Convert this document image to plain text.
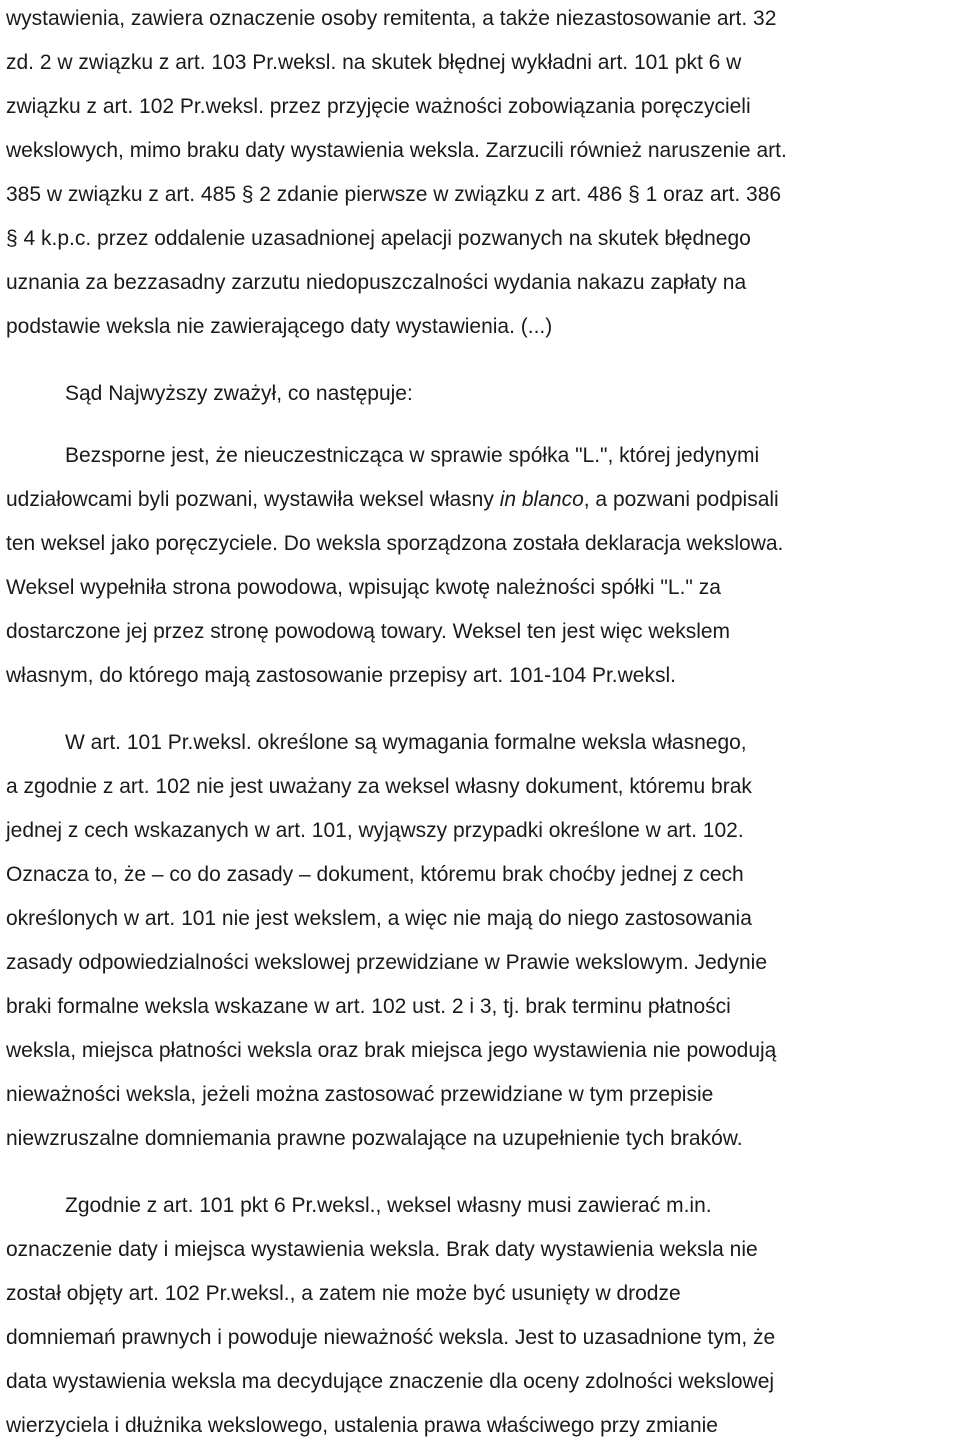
wystawienia, zawiera oznaczenie osoby remitenta, a także niezastosowanie art. 32
zd. 2 w związku z art. 103 Pr.weksl. na skutek błędnej wykładni art. 101 pkt 6 w
związku z art. 102 Pr.weksl. przez przyjęcie ważności zobowiązania poręczycieli
wekslowych, mimo braku daty wystawienia weksla. Zarzucili również naruszenie art.
385 w związku z art. 485 § 2 zdanie pierwsze w związku z art. 486 § 1 oraz art. 386
§ 4 k.p.c. przez oddalenie uzasadnionej apelacji pozwanych na skutek błędnego
uznania za bezzasadny zarzutu niedopuszczalności wydania nakazu zapłaty na
podstawie weksla nie zawierającego daty wystawienia. (...)
Sąd Najwyższy zważył, co następuje:
Bezsporne jest, że nieuczestnicząca w sprawie spółka "L.", której jedynymi
udziałowcami byli pozwani, wystawiła weksel własny in blanco, a pozwani podpisali
ten weksel jako poręczyciele. Do weksla sporządzona została deklaracja wekslowa.
Weksel wypełniła strona powodowa, wpisując kwotę należności spółki "L." za
dostarczone jej przez stronę powodową towary. Weksel ten jest więc wekslem
własnym, do którego mają zastosowanie przepisy art. 101-104 Pr.weksl.
W art. 101 Pr.weksl. określone są wymagania formalne weksla własnego,
a zgodnie z art. 102 nie jest uważany za weksel własny dokument, któremu brak
jednej z cech wskazanych w art. 101, wyjąwszy przypadki określone w art. 102.
Oznacza to, że – co do zasady – dokument, któremu brak choćby jednej z cech
określonych w art. 101 nie jest wekslem, a więc nie mają do niego zastosowania
zasady odpowiedzialności wekslowej przewidziane w Prawie wekslowym. Jedynie
braki formalne weksla wskazane w art. 102 ust. 2 i 3, tj. brak terminu płatności
weksla, miejsca płatności weksla oraz brak miejsca jego wystawienia nie powodują
nieważności weksla, jeżeli można zastosować przewidziane w tym przepisie
niewzruszalne domniemania prawne pozwalające na uzupełnienie tych braków.
Zgodnie z art. 101 pkt 6 Pr.weksl., weksel własny musi zawierać m.in.
oznaczenie daty i miejsca wystawienia weksla. Brak daty wystawienia weksla nie
został objęty art. 102 Pr.weksl., a zatem nie może być usunięty w drodze
domniemań prawnych i powoduje nieważność weksla. Jest to uzasadnione tym, że
data wystawienia weksla ma decydujące znaczenie dla oceny zdolności wekslowej
wierzyciela i dłużnika wekslowego, ustalenia prawa właściwego przy zmianie
